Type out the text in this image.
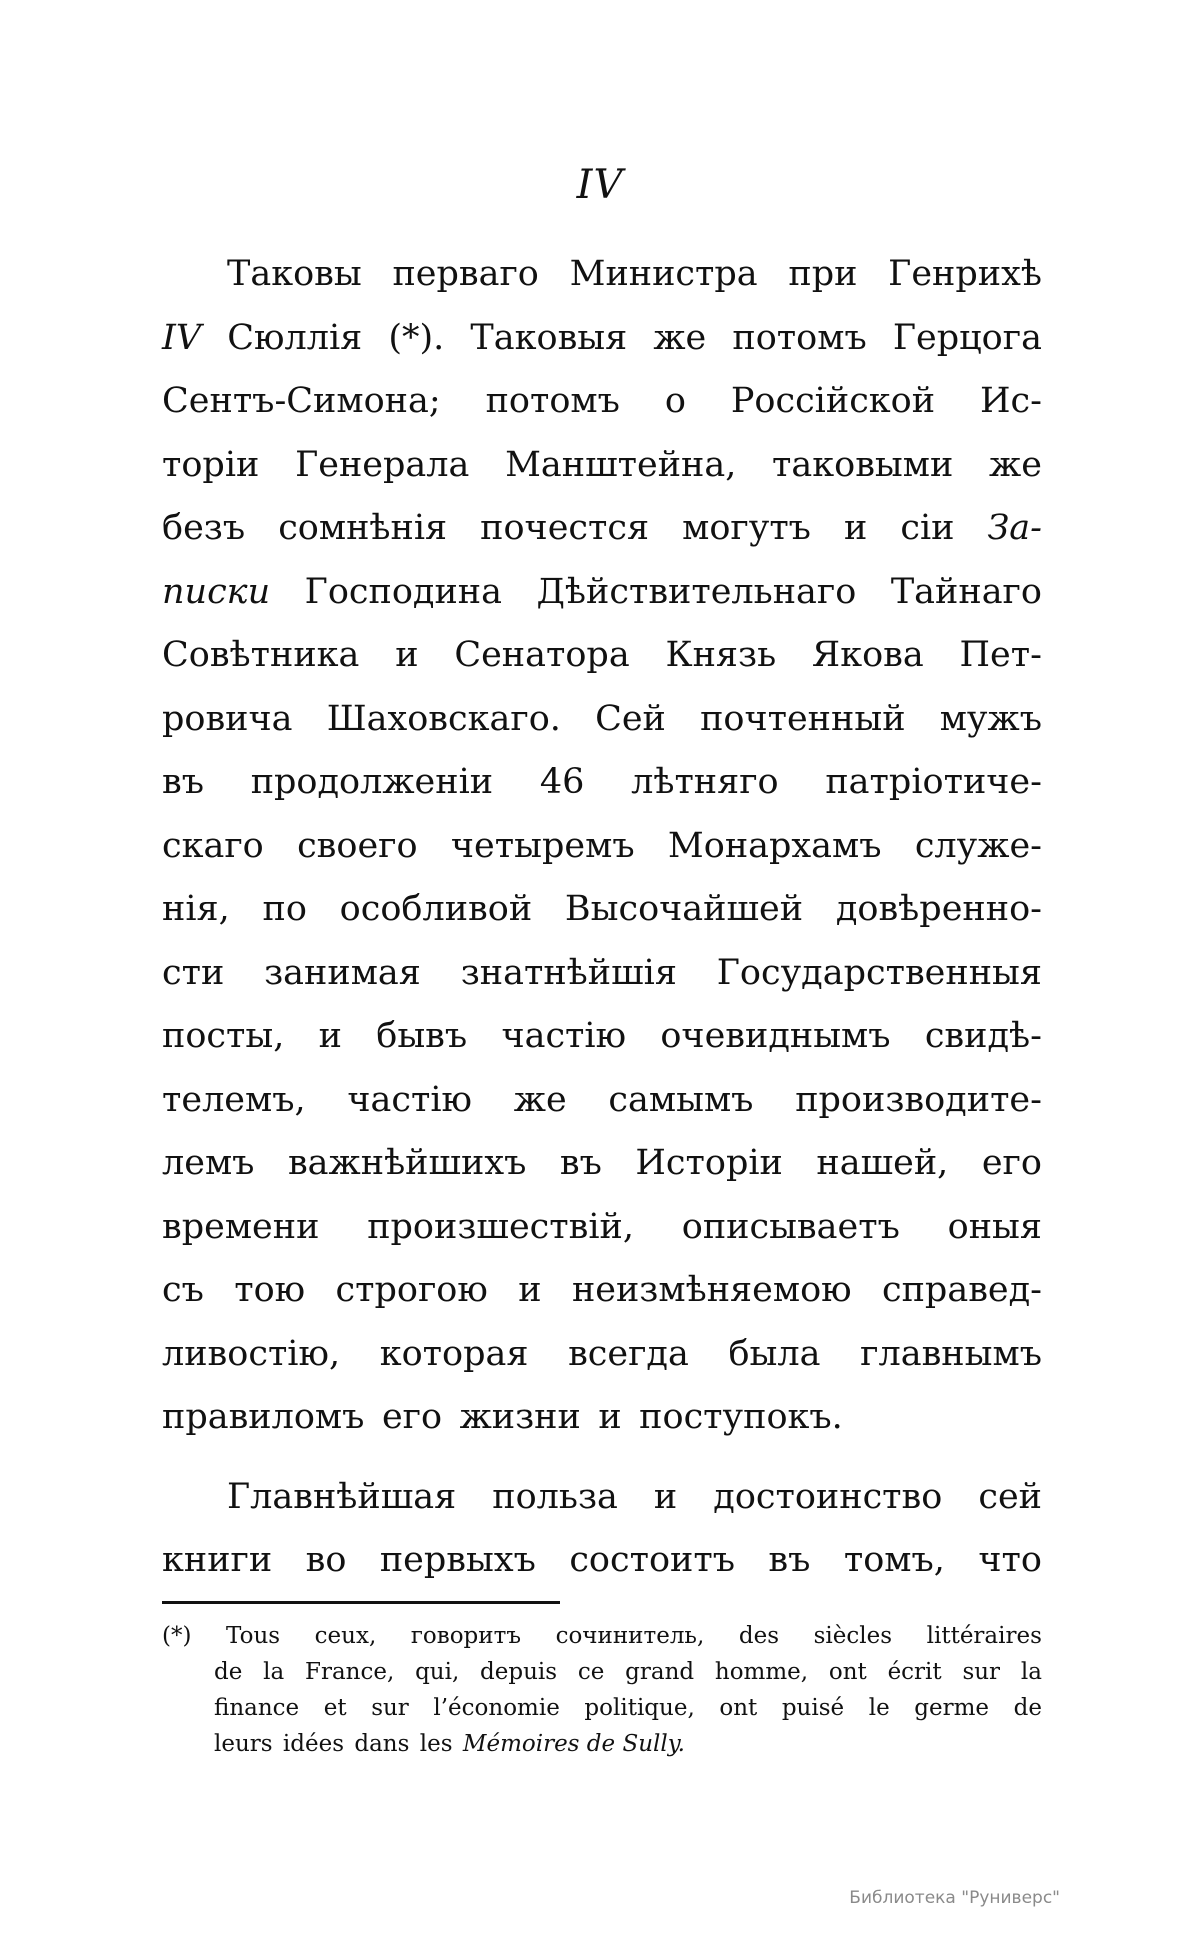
IV
Таковы перваго Министра при Генрихѣ
IV Сюллія (*). Таковыя же потомъ Герцога
Сентъ-Симона; потомъ о Россійской Ис-
торіи Генерала Манштейна, таковыми же
безъ сомнѣнія почестся могутъ и сіи За-
писки Господина Дѣйствительнаго Тайнаго
Совѣтника и Сенатора Князь Якова Пет-
ровича Шаховскаго. Сей почтенный мужъ
въ продолженіи 46 лѣтняго патріотиче-
скаго своего четыремъ Монархамъ служе-
нія, по особливой Высочайшей довѣренно-
сти занимая знатнѣйшія Государственныя
посты, и бывъ частію очевиднымъ свидѣ-
телемъ, частію же самымъ производите-
лемъ важнѣйшихъ въ Исторіи нашей, его
времени произшествій, описываетъ оныя
съ тою строгою и неизмѣняемою справед-
ливостію, которая всегда была главнымъ
правиломъ его жизни и поступокъ.
Главнѣйшая польза и достоинство сей
книги во первыхъ состоитъ въ томъ, что
(*) Tous ceux, говоритъ сочинитель, des siècles littéraires
de la France, qui, depuis ce grand homme, ont écrit sur la
finance et sur l’économie politique, ont puisé le germe de
leurs idées dans les Mémoires de Sully.
Библиотека "Руниверс"
